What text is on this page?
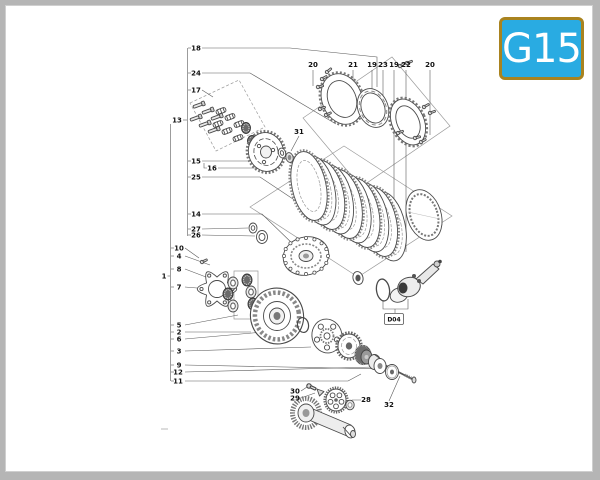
D04
18
24
17
13
15
16
25
14
27
26
1
10
4
8
7
5
2
6
3
9
12
11
20	21 19 23 19 22 20
31
30
29	28
32
G15
